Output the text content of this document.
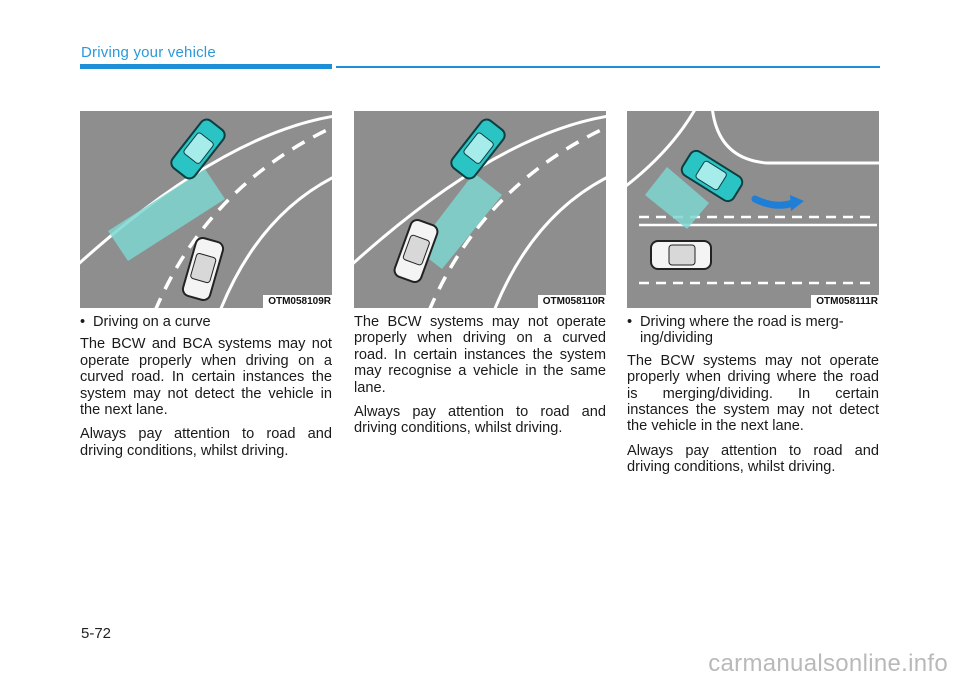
Driving your vehicle
OTM058109R	OTM058110R	OTM058111R
• Driving on a curve

The BCW and BCA systems may not operate properly when driving on a curved road. In certain instances the system may not detect the vehicle in the next lane.

Always pay attention to road and driving conditions, whilst driving.

The BCW systems may not operate properly when driving on a curved road. In certain instances the system may recognise a vehicle in the same lane.

Always pay attention to road and driving conditions, whilst driving.

• Driving where the road is merg-ing/dividing

The BCW systems may not operate properly when driving where the road is merging/dividing. In certain instances the system may not detect the vehicle in the next lane.

Always pay attention to road and driving conditions, whilst driving.

5-72
carmanualsonline.info
